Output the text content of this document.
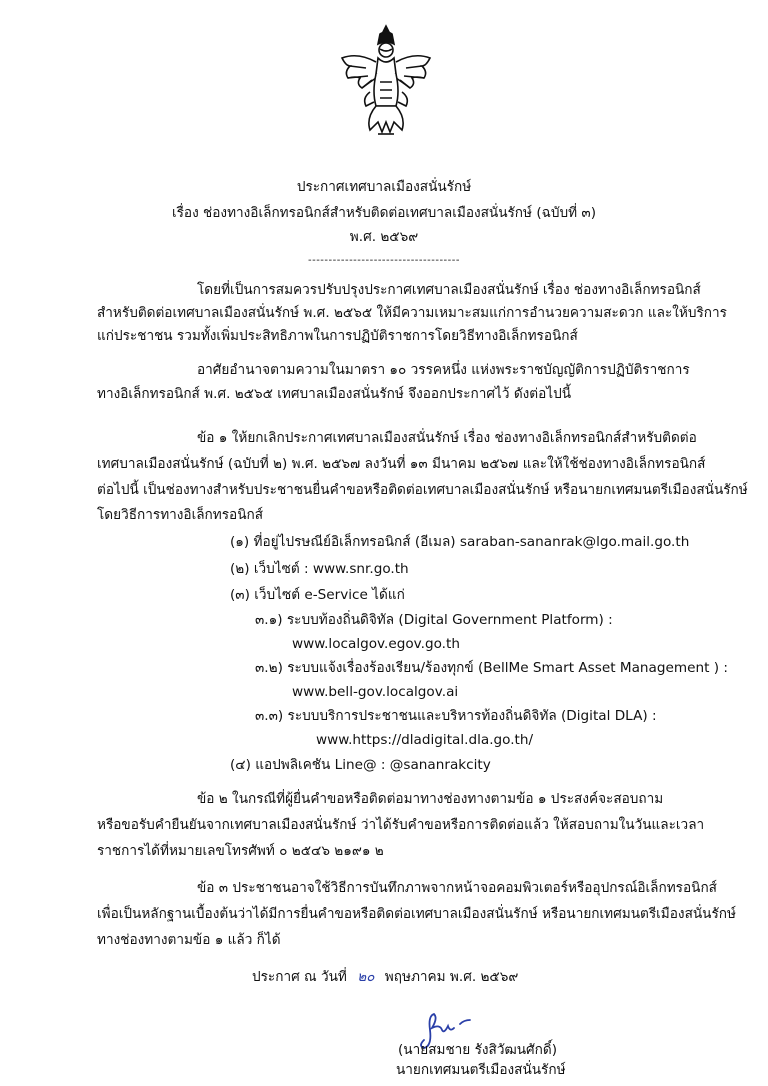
ประกาศเทศบาลเมืองสนั่นรักษ์
เรื่อง ช่องทางอิเล็กทรอนิกส์สำหรับติดต่อเทศบาลเมืองสนั่นรักษ์ (ฉบับที่ ๓)
พ.ศ. ๒๕๖๙
-------------------------------------
โดยที่เป็นการสมควรปรับปรุงประกาศเทศบาลเมืองสนั่นรักษ์ เรื่อง ช่องทางอิเล็กทรอนิกส์
สำหรับติดต่อเทศบาลเมืองสนั่นรักษ์ พ.ศ. ๒๕๖๕ ให้มีความเหมาะสมแก่การอำนวยความสะดวก และให้บริการ
แก่ประชาชน รวมทั้งเพิ่มประสิทธิภาพในการปฏิบัติราชการโดยวิธีทางอิเล็กทรอนิกส์
อาศัยอำนาจตามความในมาตรา ๑๐ วรรคหนึ่ง แห่งพระราชบัญญัติการปฏิบัติราชการ
ทางอิเล็กทรอนิกส์ พ.ศ. ๒๕๖๕ เทศบาลเมืองสนั่นรักษ์ จึงออกประกาศไว้ ดังต่อไปนี้
ข้อ ๑ ให้ยกเลิกประกาศเทศบาลเมืองสนั่นรักษ์ เรื่อง ช่องทางอิเล็กทรอนิกส์สำหรับติดต่อ
เทศบาลเมืองสนั่นรักษ์ (ฉบับที่ ๒) พ.ศ. ๒๕๖๗ ลงวันที่ ๑๓ มีนาคม ๒๕๖๗ และให้ใช้ช่องทางอิเล็กทรอนิกส์
ต่อไปนี้ เป็นช่องทางสำหรับประชาชนยื่นคำขอหรือติดต่อเทศบาลเมืองสนั่นรักษ์ หรือนายกเทศมนตรีเมืองสนั่นรักษ์
โดยวิธีการทางอิเล็กทรอนิกส์
(๑) ที่อยู่ไปรษณีย์อิเล็กทรอนิกส์ (อีเมล) saraban-sananrak@lgo.mail.go.th
(๒) เว็บไซต์ : www.snr.go.th
(๓) เว็บไซต์ e-Service ได้แก่
๓.๑) ระบบท้องถิ่นดิจิทัล (Digital Government Platform) :
www.localgov.egov.go.th
๓.๒) ระบบแจ้งเรื่องร้องเรียน/ร้องทุกข์ (BellMe Smart Asset Management ) :
www.bell-gov.localgov.ai
๓.๓) ระบบบริการประชาชนและบริหารท้องถิ่นดิจิทัล (Digital DLA) :
www.https://dladigital.dla.go.th/
(๔) แอปพลิเคชัน Line@ : @sananrakcity
ข้อ ๒ ในกรณีที่ผู้ยื่นคำขอหรือติดต่อมาทางช่องทางตามข้อ ๑ ประสงค์จะสอบถาม
หรือขอรับคำยืนยันจากเทศบาลเมืองสนั่นรักษ์ ว่าได้รับคำขอหรือการติดต่อแล้ว ให้สอบถามในวันและเวลา
ราชการได้ที่หมายเลขโทรศัพท์ ๐ ๒๕๔๖ ๒๑๙๑ ๒
ข้อ ๓ ประชาชนอาจใช้วิธีการบันทึกภาพจากหน้าจอคอมพิวเตอร์หรืออุปกรณ์อิเล็กทรอนิกส์
เพื่อเป็นหลักฐานเบื้องต้นว่าได้มีการยื่นคำขอหรือติดต่อเทศบาลเมืองสนั่นรักษ์ หรือนายกเทศมนตรีเมืองสนั่นรักษ์
ทางช่องทางตามข้อ ๑ แล้ว ก็ได้
ประกาศ ณ วันที่ ๒๐ พฤษภาคม พ.ศ. ๒๕๖๙
(นายสมชาย รังสิวัฒนศักดิ์)
นายกเทศมนตรีเมืองสนั่นรักษ์
